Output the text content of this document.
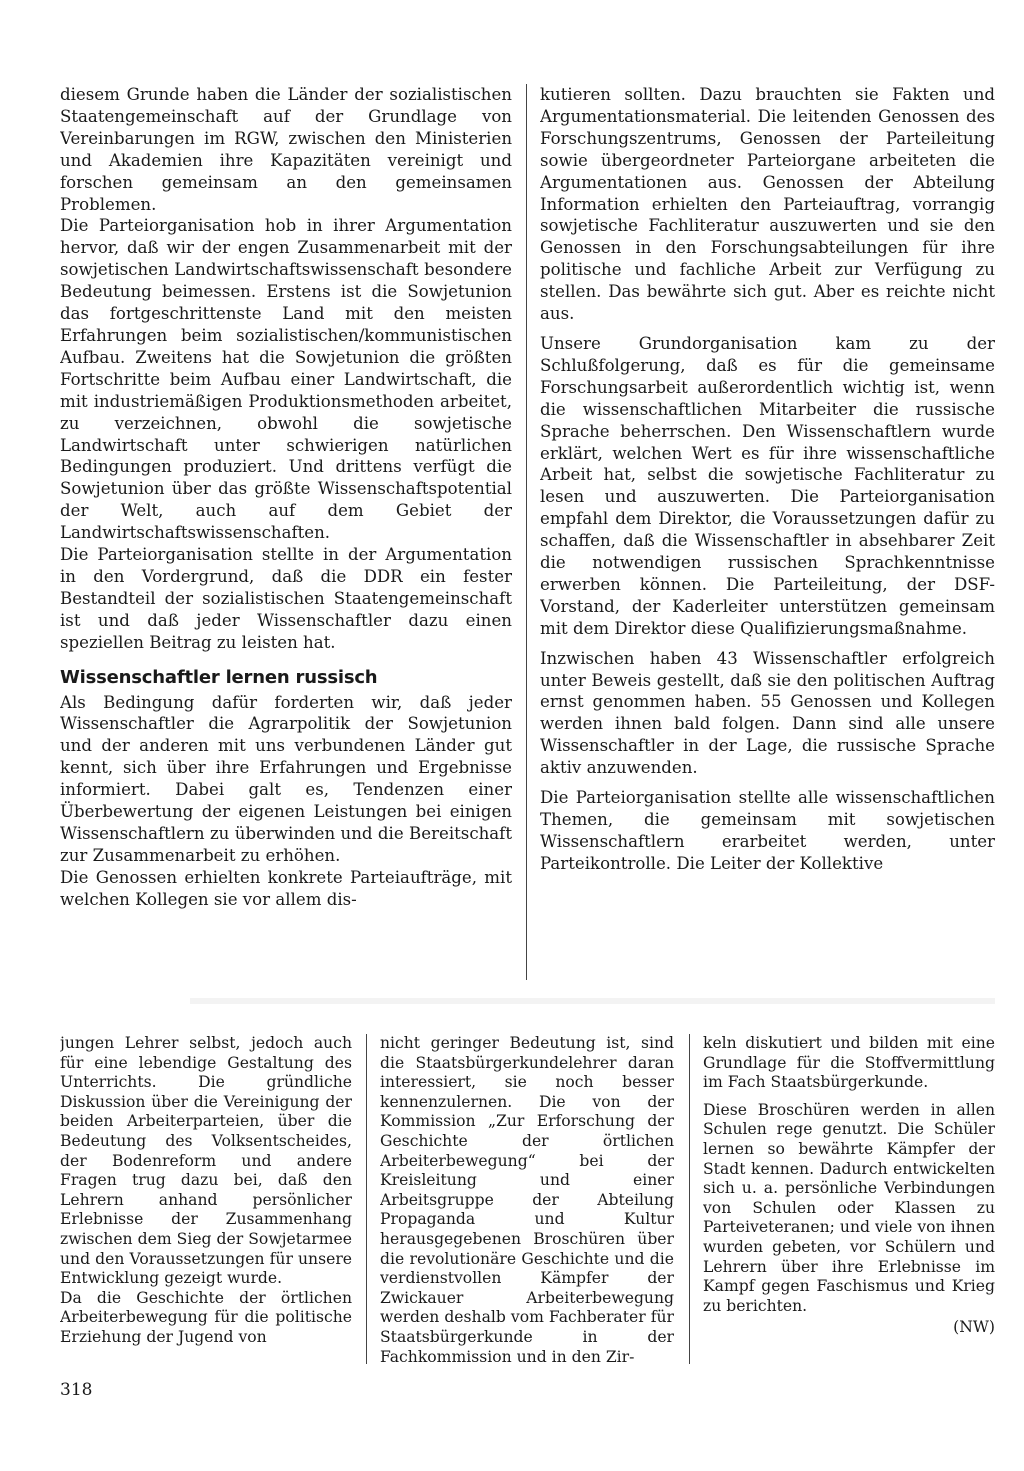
diesem Grunde haben die Länder der sozialistischen Staatengemeinschaft auf der Grundlage von Vereinbarungen im RGW, zwischen den Ministerien und Akademien ihre Kapazitäten vereinigt und forschen gemeinsam an den gemeinsamen Problemen.

Die Parteiorganisation hob in ihrer Argumentation hervor, daß wir der engen Zusammenarbeit mit der sowjetischen Landwirtschaftswissenschaft besondere Bedeutung beimessen. Erstens ist die Sowjetunion das fortgeschrittenste Land mit den meisten Erfahrungen beim sozialistischen/kommunistischen Aufbau. Zweitens hat die Sowjetunion die größten Fortschritte beim Aufbau einer Landwirtschaft, die mit industriemäßigen Produktionsmethoden arbeitet, zu verzeichnen, obwohl die sowjetische Landwirtschaft unter schwierigen natürlichen Bedingungen produziert. Und drittens verfügt die Sowjetunion über das größte Wissenschaftspotential der Welt, auch auf dem Gebiet der Landwirtschaftswissenschaften.

Die Parteiorganisation stellte in der Argumentation in den Vordergrund, daß die DDR ein fester Bestandteil der sozialistischen Staatengemeinschaft ist und daß jeder Wissenschaftler dazu einen speziellen Beitrag zu leisten hat.

Wissenschaftler lernen russisch

Als Bedingung dafür forderten wir, daß jeder Wissenschaftler die Agrarpolitik der Sowjetunion und der anderen mit uns verbundenen Länder gut kennt, sich über ihre Erfahrungen und Ergebnisse informiert. Dabei galt es, Tendenzen einer Überbewertung der eigenen Leistungen bei einigen Wissenschaftlern zu überwinden und die Bereitschaft zur Zusammenarbeit zu erhöhen.

Die Genossen erhielten konkrete Parteiaufträge, mit welchen Kollegen sie vor allem dis-

kutieren sollten. Dazu brauchten sie Fakten und Argumentationsmaterial. Die leitenden Genossen des Forschungszentrums, Genossen der Parteileitung sowie übergeordneter Parteiorgane arbeiteten die Argumentationen aus. Genossen der Abteilung Information erhielten den Parteiauftrag, vorrangig sowjetische Fachliteratur auszuwerten und sie den Genossen in den Forschungsabteilungen für ihre politische und fachliche Arbeit zur Verfügung zu stellen. Das bewährte sich gut. Aber es reichte nicht aus.

Unsere Grundorganisation kam zu der Schlußfolgerung, daß es für die gemeinsame Forschungsarbeit außerordentlich wichtig ist, wenn die wissenschaftlichen Mitarbeiter die russische Sprache beherrschen. Den Wissenschaftlern wurde erklärt, welchen Wert es für ihre wissenschaftliche Arbeit hat, selbst die sowjetische Fachliteratur zu lesen und auszuwerten. Die Parteiorganisation empfahl dem Direktor, die Voraussetzungen dafür zu schaffen, daß die Wissenschaftler in absehbarer Zeit die notwendigen russischen Sprachkenntnisse erwerben können. Die Parteileitung, der DSF-Vorstand, der Kaderleiter unterstützen gemeinsam mit dem Direktor diese Qualifizierungsmaßnahme.

Inzwischen haben 43 Wissenschaftler erfolgreich unter Beweis gestellt, daß sie den politischen Auftrag ernst genommen haben. 55 Genossen und Kollegen werden ihnen bald folgen. Dann sind alle unsere Wissenschaftler in der Lage, die russische Sprache aktiv anzuwenden.

Die Parteiorganisation stellte alle wissenschaftlichen Themen, die gemeinsam mit sowjetischen Wissenschaftlern erarbeitet werden, unter Parteikontrolle. Die Leiter der Kollektive

jungen Lehrer selbst, jedoch auch für eine lebendige Gestaltung des Unterrichts. Die gründliche Diskussion über die Vereinigung der beiden Arbeiterparteien, über die Bedeutung des Volksentscheides, der Bodenreform und andere Fragen trug dazu bei, daß den Lehrern anhand persönlicher Erlebnisse der Zusammenhang zwischen dem Sieg der Sowjetarmee und den Voraussetzungen für unsere Entwicklung gezeigt wurde.

Da die Geschichte der örtlichen Arbeiterbewegung für die politische Erziehung der Jugend von

nicht geringer Bedeutung ist, sind die Staatsbürgerkundelehrer daran interessiert, sie noch besser kennenzulernen. Die von der Kommission „Zur Erforschung der Geschichte der örtlichen Arbeiterbewegung“ bei der Kreisleitung und einer Arbeitsgruppe der Abteilung Propaganda und Kultur herausgegebenen Broschüren über die revolutionäre Geschichte und die verdienstvollen Kämpfer der Zwickauer Arbeiterbewegung werden deshalb vom Fachberater für Staatsbürgerkunde in der Fachkommission und in den Zir-

keln diskutiert und bilden mit eine Grundlage für die Stoffvermittlung im Fach Staatsbürgerkunde.

Diese Broschüren werden in allen Schulen rege genutzt. Die Schüler lernen so bewährte Kämpfer der Stadt kennen. Dadurch entwickelten sich u. a. persönliche Verbindungen von Schulen oder Klassen zu Parteiveteranen; und viele von ihnen wurden gebeten, vor Schülern und Lehrern über ihre Erlebnisse im Kampf gegen Faschismus und Krieg zu berichten.

(NW)

318
